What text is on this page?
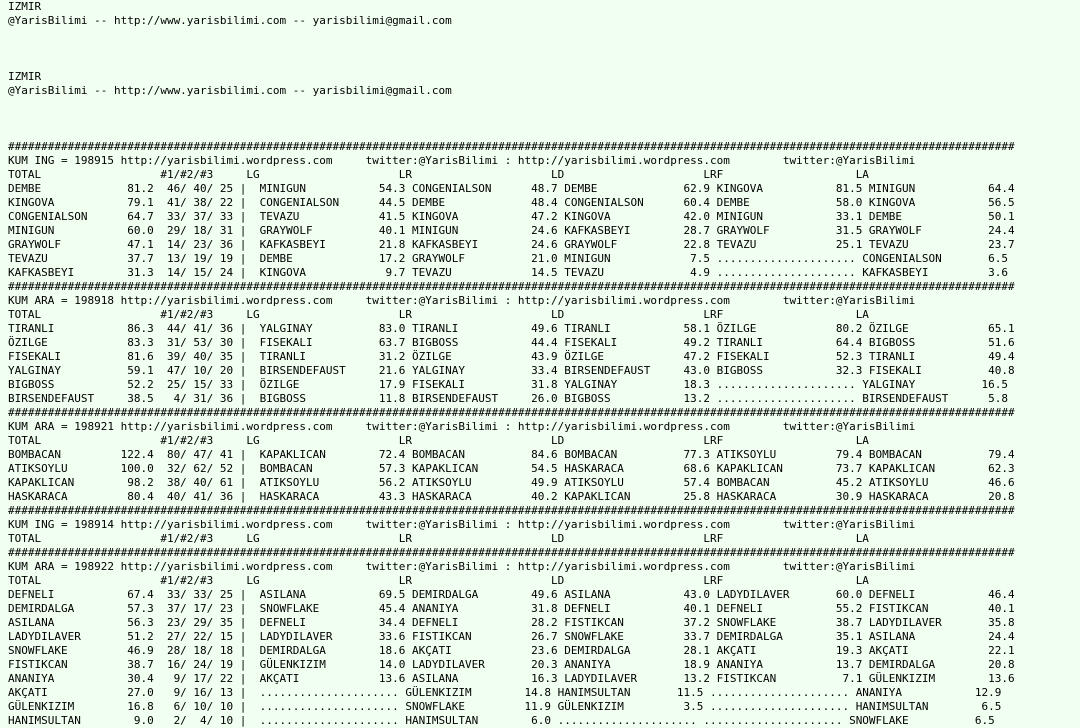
IZMIR
@YarisBilimi -- http://www.yarisbilimi.com -- yarisbilimi@gmail.com

IZMIR
@YarisBilimi -- http://www.yarisbilimi.com -- yarisbilimi@gmail.com

########################################################################################################################################################
KUM ING = 198915 http://yarisbilimi.wordpress.com     twitter:@YarisBilimi : http://yarisbilimi.wordpress.com        twitter:@YarisBilimi
TOTAL                  #1/#2/#3     LG                     LR                     LD                     LRF                    LA
DEMBE             81.2  46/ 40/ 25 |  MINIGUN           54.3 CONGENIALSON      48.7 DEMBE             62.9 KINGOVA           81.5 MINIGUN           64.4
KINGOVA           79.1  41/ 38/ 22 |  CONGENIALSON      44.5 DEMBE             48.4 CONGENIALSON      60.4 DEMBE             58.0 KINGOVA           56.5
CONGENIALSON      64.7  33/ 37/ 33 |  TEVAZU            41.5 KINGOVA           47.2 KINGOVA           42.0 MINIGUN           33.1 DEMBE             50.1
MINIGUN           60.0  29/ 18/ 31 |  GRAYWOLF          40.1 MINIGUN           24.6 KAFKASBEYI        28.7 GRAYWOLF          31.5 GRAYWOLF          24.4
GRAYWOLF          47.1  14/ 23/ 36 |  KAFKASBEYI        21.8 KAFKASBEYI        24.6 GRAYWOLF          22.8 TEVAZU            25.1 TEVAZU            23.7
TEVAZU            37.7  13/ 19/ 19 |  DEMBE             17.2 GRAYWOLF          21.0 MINIGUN            7.5 ..................... CONGENIALSON       6.5
KAFKASBEYI        31.3  14/ 15/ 24 |  KINGOVA            9.7 TEVAZU            14.5 TEVAZU             4.9 ..................... KAFKASBEYI         3.6
########################################################################################################################################################
KUM ARA = 198918 http://yarisbilimi.wordpress.com     twitter:@YarisBilimi : http://yarisbilimi.wordpress.com        twitter:@YarisBilimi
TOTAL                  #1/#2/#3     LG                     LR                     LD                     LRF                    LA
TIRANLI           86.3  44/ 41/ 36 |  YALGINAY          83.0 TIRANLI           49.6 TIRANLI           58.1 ÖZILGE            80.2 ÖZILGE            65.1
ÖZILGE            83.3  31/ 53/ 30 |  FISEKALI          63.7 BIGBOSS           44.4 FISEKALI          49.2 TIRANLI           64.4 BIGBOSS           51.6
FISEKALI          81.6  39/ 40/ 35 |  TIRANLI           31.2 ÖZILGE            43.9 ÖZILGE            47.2 FISEKALI          52.3 TIRANLI           49.4
YALGINAY          59.1  47/ 10/ 20 |  BIRSENDEFAUST     21.6 YALGINAY          33.4 BIRSENDEFAUST     43.0 BIGBOSS           32.3 FISEKALI          40.8
BIGBOSS           52.2  25/ 15/ 33 |  ÖZILGE            17.9 FISEKALI          31.8 YALGINAY          18.3 ..................... YALGINAY          16.5
BIRSENDEFAUST     38.5   4/ 31/ 36 |  BIGBOSS           11.8 BIRSENDEFAUST     26.0 BIGBOSS           13.2 ..................... BIRSENDEFAUST      5.8
########################################################################################################################################################
KUM ARA = 198921 http://yarisbilimi.wordpress.com     twitter:@YarisBilimi : http://yarisbilimi.wordpress.com        twitter:@YarisBilimi
TOTAL                  #1/#2/#3     LG                     LR                     LD                     LRF                    LA
BOMBACAN         122.4  80/ 47/ 41 |  KAPAKLICAN        72.4 BOMBACAN          84.6 BOMBACAN          77.3 ATIKSOYLU         79.4 BOMBACAN          79.4
ATIKSOYLU        100.0  32/ 62/ 52 |  BOMBACAN          57.3 KAPAKLICAN        54.5 HASKARACA         68.6 KAPAKLICAN        73.7 KAPAKLICAN        62.3
KAPAKLICAN        98.2  38/ 40/ 61 |  ATIKSOYLU         56.2 ATIKSOYLU         49.9 ATIKSOYLU         57.4 BOMBACAN          45.2 ATIKSOYLU         46.6
HASKARACA         80.4  40/ 41/ 36 |  HASKARACA         43.3 HASKARACA         40.2 KAPAKLICAN        25.8 HASKARACA         30.9 HASKARACA         20.8
########################################################################################################################################################
KUM ING = 198914 http://yarisbilimi.wordpress.com     twitter:@YarisBilimi : http://yarisbilimi.wordpress.com        twitter:@YarisBilimi
TOTAL                  #1/#2/#3     LG                     LR                     LD                     LRF                    LA
########################################################################################################################################################
KUM ARA = 198922 http://yarisbilimi.wordpress.com     twitter:@YarisBilimi : http://yarisbilimi.wordpress.com        twitter:@YarisBilimi
TOTAL                  #1/#2/#3     LG                     LR                     LD                     LRF                    LA
DEFNELI           67.4  33/ 33/ 25 |  ASILANA           69.5 DEMIRDALGA        49.6 ASILANA           43.0 LADYDILAVER       60.0 DEFNELI           46.4
DEMIRDALGA        57.3  37/ 17/ 23 |  SNOWFLAKE         45.4 ANANIYA           31.8 DEFNELI           40.1 DEFNELI           55.2 FISTIKCAN         40.1
ASILANA           56.3  23/ 29/ 35 |  DEFNELI           34.4 DEFNELI           28.2 FISTIKCAN         37.2 SNOWFLAKE         38.7 LADYDILAVER       35.8
LADYDILAVER       51.2  27/ 22/ 15 |  LADYDILAVER       33.6 FISTIKCAN         26.7 SNOWFLAKE         33.7 DEMIRDALGA        35.1 ASILANA           24.4
SNOWFLAKE         46.9  28/ 18/ 18 |  DEMIRDALGA        18.6 AKÇATI            23.6 DEMIRDALGA        28.1 AKÇATI            19.3 AKÇATI            22.1
FISTIKCAN         38.7  16/ 24/ 19 |  GÜLENKIZIM        14.0 LADYDILAVER       20.3 ANANIYA           18.9 ANANIYA           13.7 DEMIRDALGA        20.8
ANANIYA           30.4   9/ 17/ 22 |  AKÇATI            13.6 ASILANA           16.3 LADYDILAVER       13.2 FISTIKCAN          7.1 GÜLENKIZIM        13.6
AKÇATI            27.0   9/ 16/ 13 |  ..................... GÜLENKIZIM        14.8 HANIMSULTAN       11.5 ..................... ANANIYA           12.9
GÜLENKIZIM        16.8   6/ 10/ 10 |  ..................... SNOWFLAKE         11.9 GÜLENKIZIM         3.5 ..................... HANIMSULTAN        6.5
HANIMSULTAN        9.0   2/  4/ 10 |  ..................... HANIMSULTAN        6.0 ..................... ..................... SNOWFLAKE          6.5
